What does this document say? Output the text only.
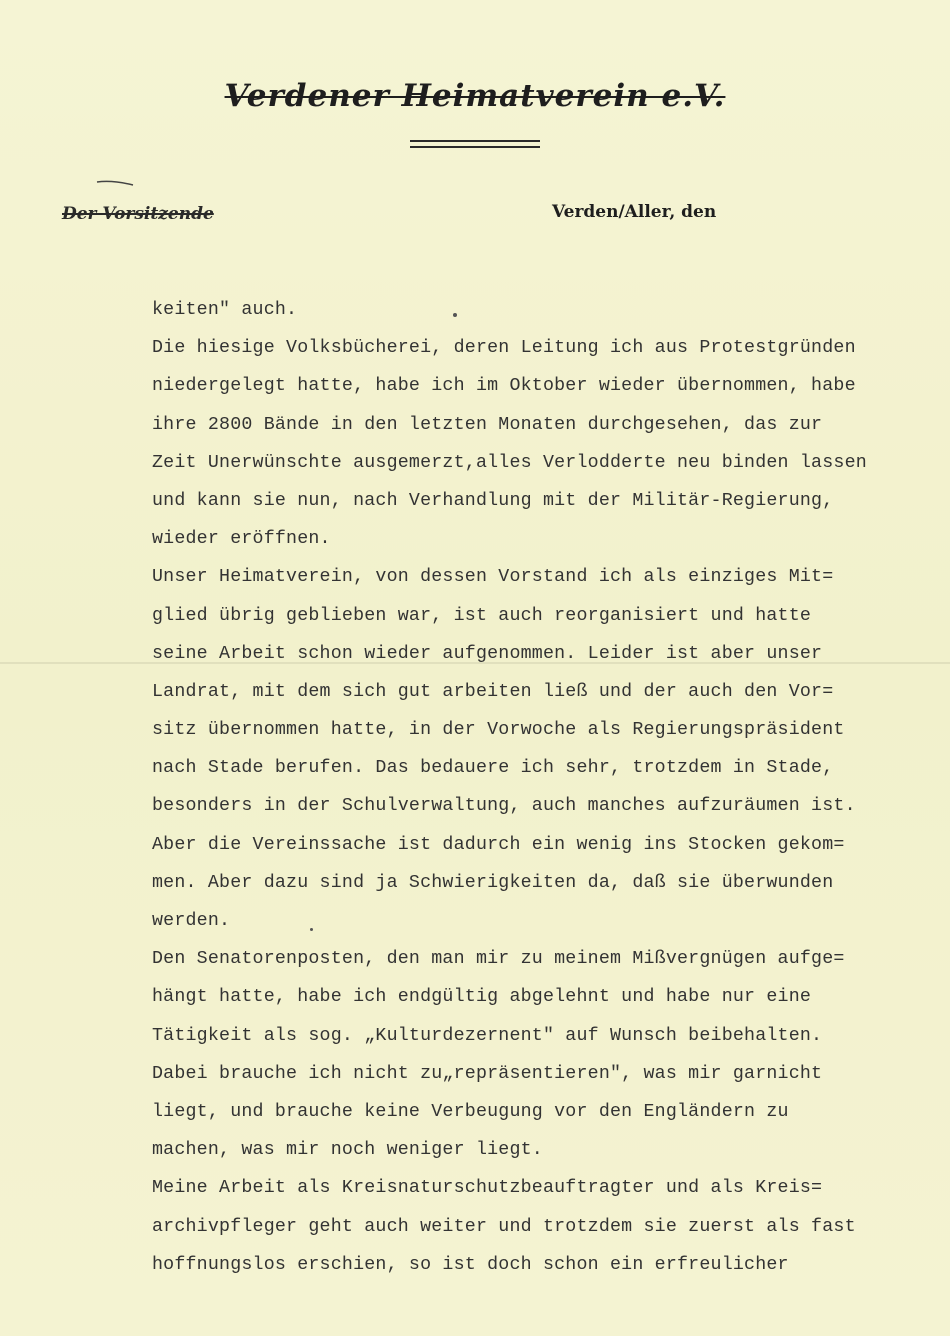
Verdener Heimatverein e.V.
Der Vorsitzende	Verden/Aller, den
keiten" auch.
Die hiesige Volksbücherei, deren Leitung ich aus Protestgründen
niedergelegt hatte, habe ich im Oktober wieder übernommen, habe
ihre 2800 Bände in den letzten Monaten durchgesehen, das zur
Zeit Unerwünschte ausgemerzt,alles Verlodderte neu binden lassen
und kann sie nun, nach Verhandlung mit der Militär-Regierung,
wieder eröffnen.
Unser Heimatverein, von dessen Vorstand ich als einziges Mit=
glied übrig geblieben war, ist auch reorganisiert und hatte
seine Arbeit schon wieder aufgenommen. Leider ist aber unser
Landrat, mit dem sich gut arbeiten ließ und der auch den Vor=
sitz übernommen hatte, in der Vorwoche als Regierungspräsident
nach Stade berufen. Das bedauere ich sehr, trotzdem in Stade,
besonders in der Schulverwaltung, auch manches aufzuräumen ist.
Aber die Vereinssache ist dadurch ein wenig ins Stocken gekom=
men. Aber dazu sind ja Schwierigkeiten da, daß sie überwunden
werden.
Den Senatorenposten, den man mir zu meinem Mißvergnügen aufge=
hängt hatte, habe ich endgültig abgelehnt und habe nur eine
Tätigkeit als sog. „Kulturdezernent" auf Wunsch beibehalten.
Dabei brauche ich nicht zu„repräsentieren", was mir garnicht
liegt, und brauche keine Verbeugung vor den Engländern zu
machen, was mir noch weniger liegt.
Meine Arbeit als Kreisnaturschutzbeauftragter und als Kreis=
archivpfleger geht auch weiter und trotzdem sie zuerst als fast
hoffnungslos erschien, so ist doch schon ein erfreulicher
